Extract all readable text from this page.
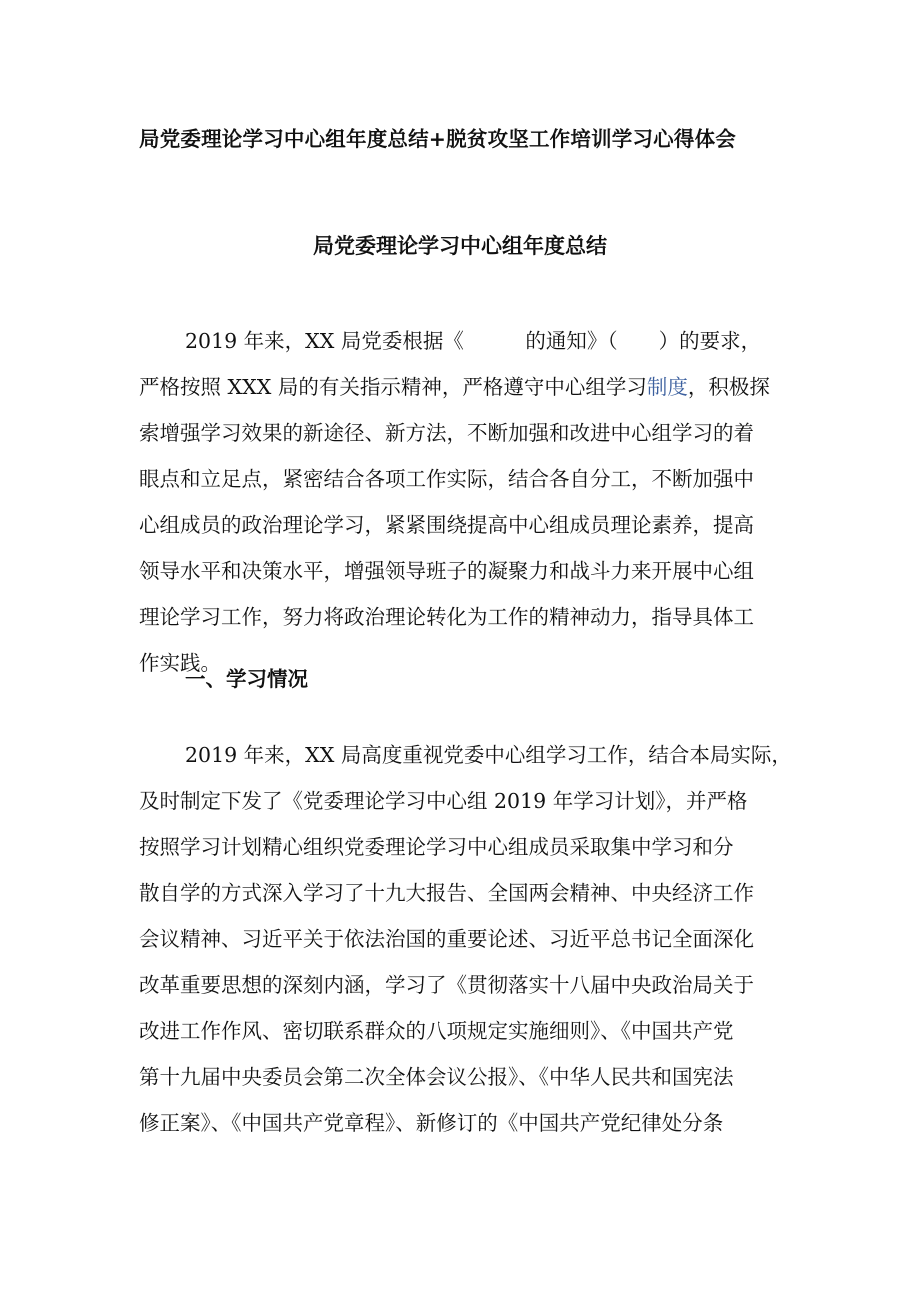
局党委理论学习中心组年度总结+脱贫攻坚工作培训学习心得体会
局党委理论学习中心组年度总结
2019 年来，XX 局党委根据《　　　的通知》（　　）的要求，
严格按照 XXX 局的有关指示精神，严格遵守中心组学习制度，积极探
索增强学习效果的新途径、新方法，不断加强和改进中心组学习的着
眼点和立足点，紧密结合各项工作实际，结合各自分工，不断加强中
心组成员的政治理论学习，紧紧围绕提高中心组成员理论素养，提高
领导水平和决策水平，增强领导班子的凝聚力和战斗力来开展中心组
理论学习工作，努力将政治理论转化为工作的精神动力，指导具体工
作实践。
一、学习情况
2019 年来，XX 局高度重视党委中心组学习工作，结合本局实际，
及时制定下发了《党委理论学习中心组 2019 年学习计划》，并严格
按照学习计划精心组织党委理论学习中心组成员采取集中学习和分
散自学的方式深入学习了十九大报告、全国两会精神、中央经济工作
会议精神、习近平关于依法治国的重要论述、习近平总书记全面深化
改革重要思想的深刻内涵，学习了《贯彻落实十八届中央政治局关于
改进工作作风、密切联系群众的八项规定实施细则》、《中国共产党
第十九届中央委员会第二次全体会议公报》、《中华人民共和国宪法
修正案》、《中国共产党章程》、新修订的《中国共产党纪律处分条
